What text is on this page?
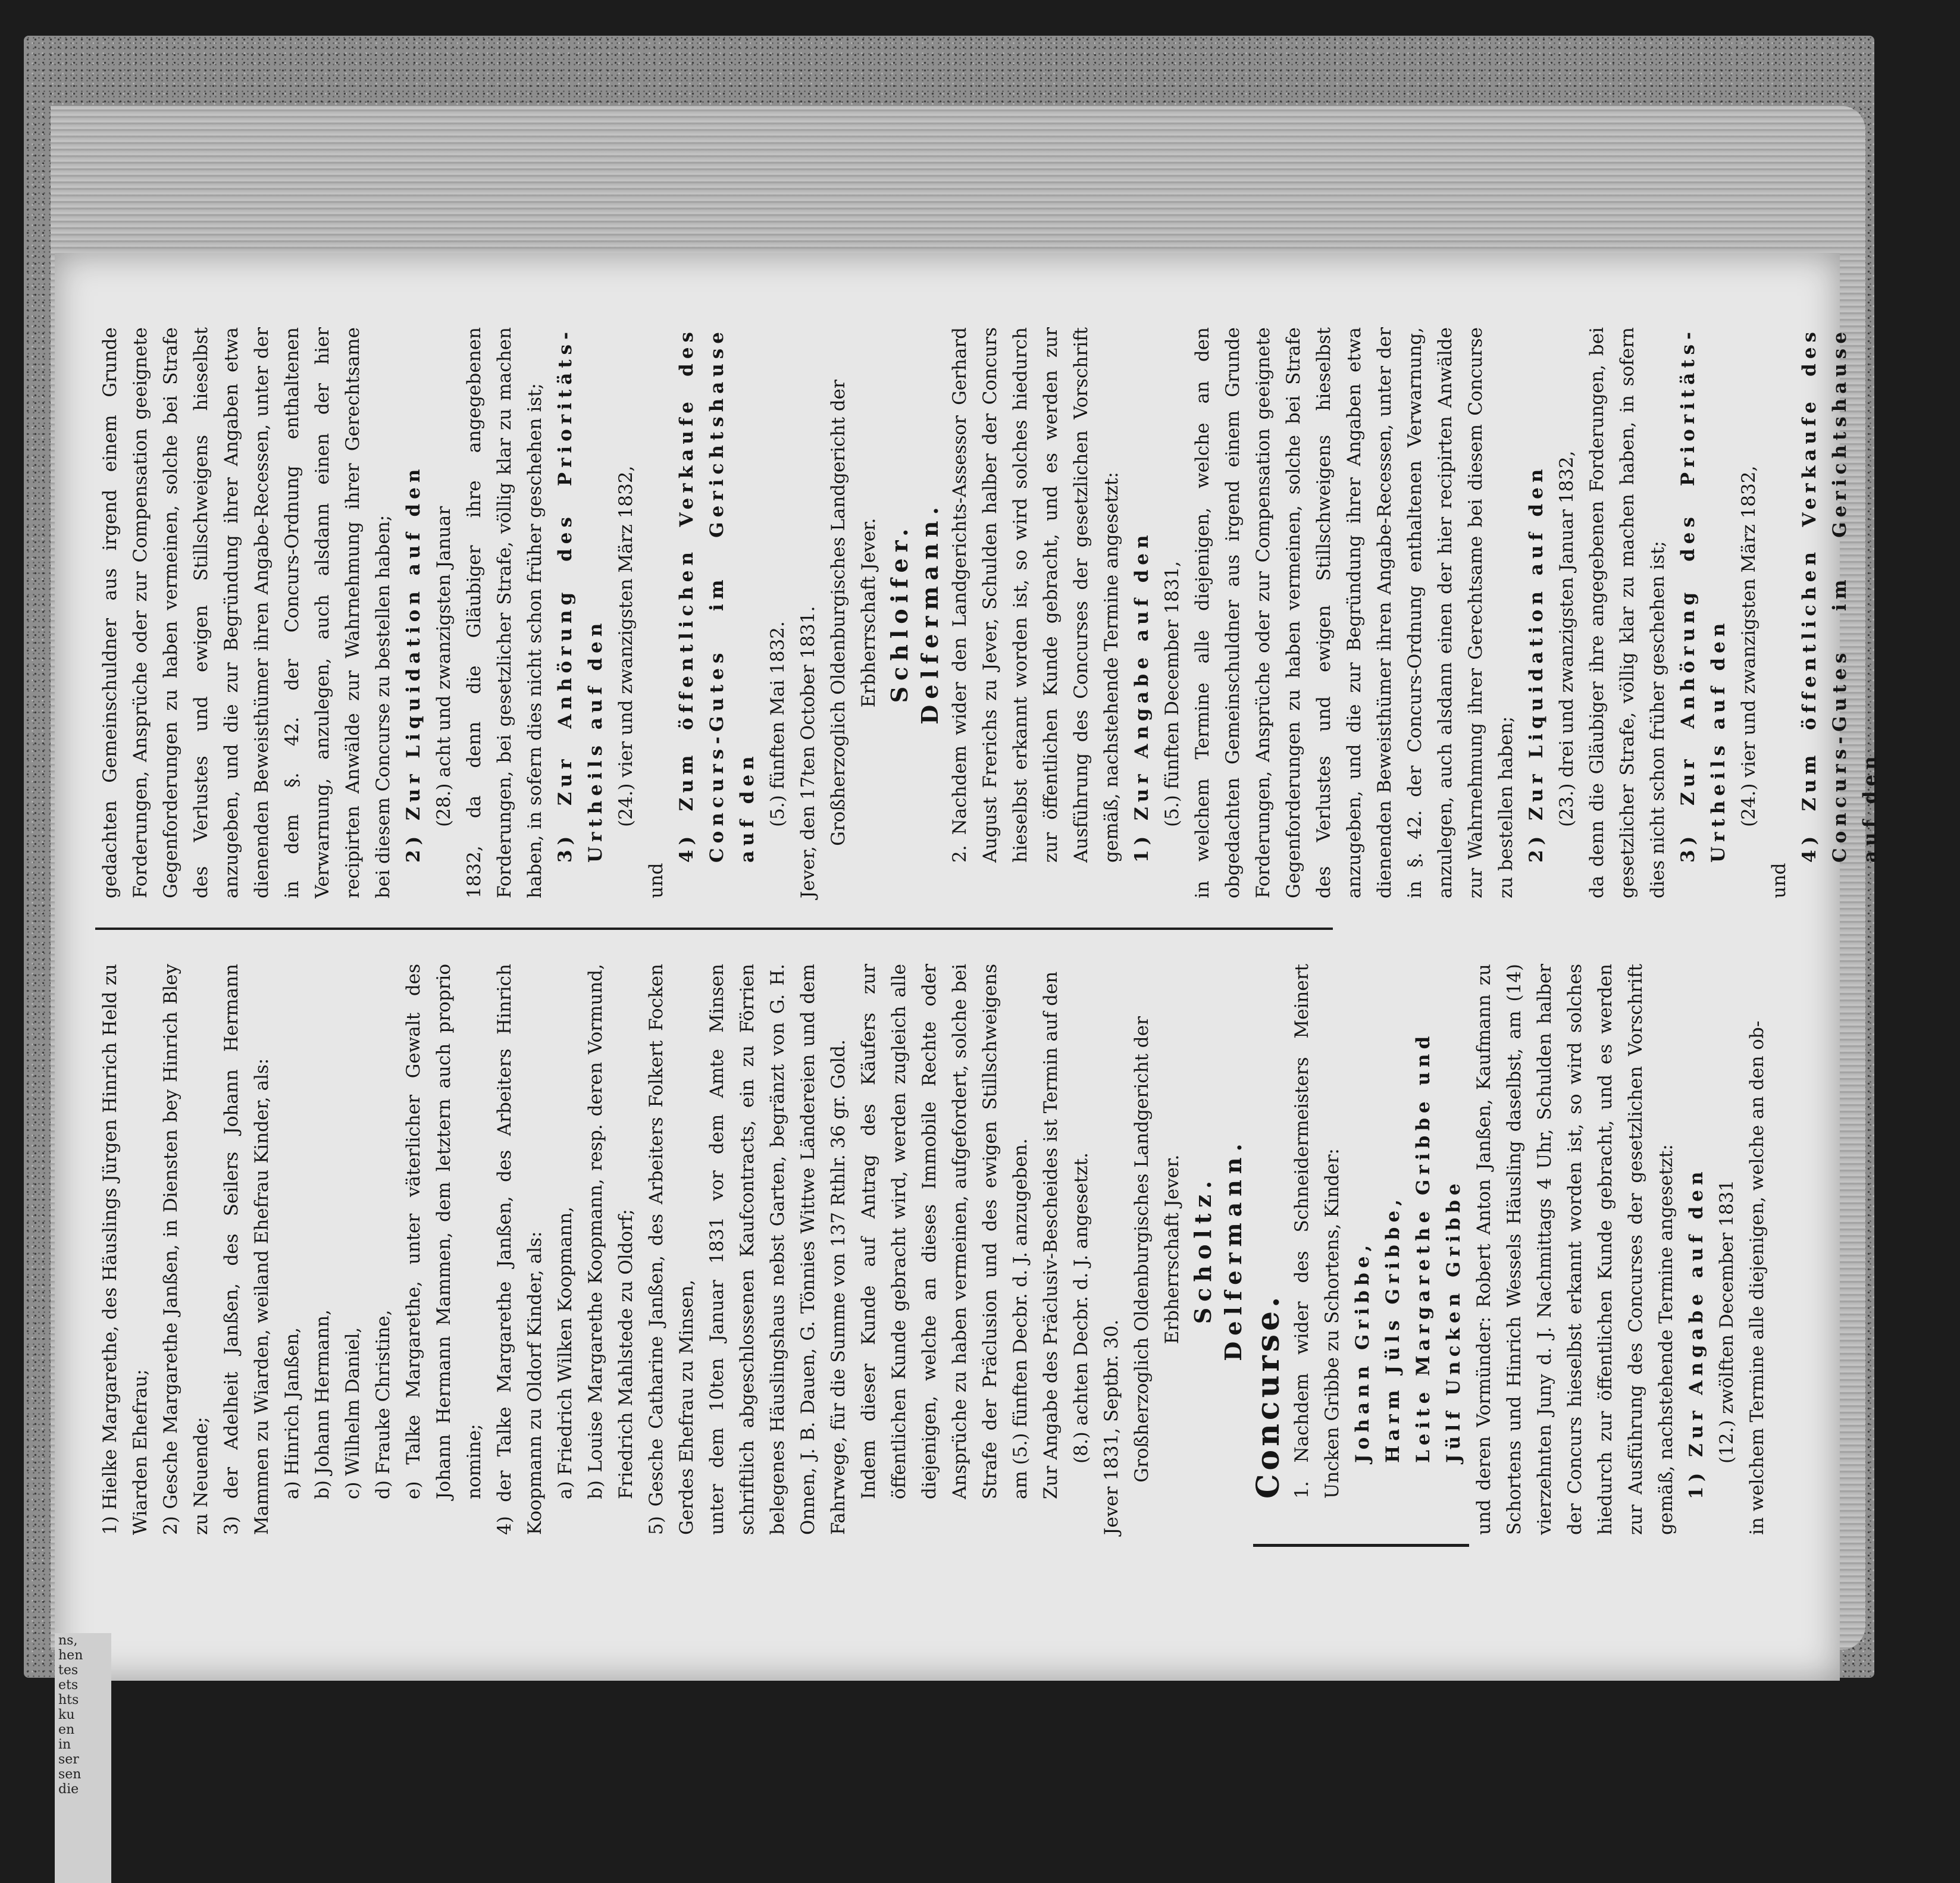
ns,
hen
tes
ets
hts
ku
en
in
ser
sen
die

1) Hielke Margarethe, des Häuslings Jürgen Hinrich Held zu Wiarden Ehefrau; 2) Gesche Margarethe Janßen, in Diensten bey Hinrich Bley zu Neuende; 3) der Adelheit Janßen, des Seilers Johann Hermann Mammen zu Wiarden, weiland Ehefrau Kinder, als: a) Hinrich Janßen,

b) Johann Hermann,

c) Wilhelm Daniel,

d) Frauke Christine,

e) Talke Margarethe, unter väterlicher Gewalt des Johann Hermann Mammen, dem letztern auch proprio nomine;

4) der Talke Margarethe Janßen, des Arbeiters Hinrich Koopmann zu Oldorf Kinder, als: a) Friedrich Wilken Koopmann,

b) Louise Margarethe Koopmann, resp. deren Vormund, Friedrich Mahlstede zu Oldorf;

5) Gesche Catharine Janßen, des Arbeiters Folkert Focken Gerdes Ehefrau zu Minsen, unter dem 10ten Januar 1831 vor dem Amte Minsen schriftlich abgeschlossenen Kaufcontracts, ein zu Förrien belegenes Häuslingshaus nebst Garten, begränzt von G. H. Onnen, J. B. Dauen, G. Tönnies Wittwe Ländereien und dem Fahrwege, für die Summe von 137 Rthlr. 36 gr. Gold. Indem dieser Kunde auf Antrag des Käufers zur öffentlichen Kunde gebracht wird, werden zugleich alle diejenigen, welche an dieses Immobile Rechte oder Ansprüche zu haben vermeinen, aufgefordert, solche bei Strafe der Präclusion und des ewigen Stillschweigens am (5.) fünften Decbr. d. J. anzugeben. Zur Angabe des Präclusiv-Bescheides ist Termin auf den (8.) achten Decbr. d. J. angesetzt. Jever 1831, Septbr. 30. Großherzoglich Oldenburgisches Landgericht der Erbherrschaft Jever. Scholtz. Delfermann.

Concurse. 1. Nachdem wider des Schneidermeisters Meinert Uncken Gribbe zu Schortens, Kinder: Johann Gribbe, Harm Jüls Gribbe, Leite Margarethe Gribbe und Jülf Uncken Gribbe und deren Vormünder: Robert Anton Janßen, Kaufmann zu Schortens und Hinrich Wessels Häusling daselbst, am (14) vierzehnten Juny d. J. Nachmittags 4 Uhr, Schulden halber der Concurs hieselbst erkannt worden ist, so wird solches hiedurch zur öffentlichen Kunde gebracht, und es werden zur Ausführung des Concurses der gesetzlichen Vorschrift gemäß, nachstehende Termine angesetzt: 1) Zur Angabe auf den (12.) zwölften December 1831 in welchem Termine alle diejenigen, welche an den ob-

gedachten Gemeinschuldner aus irgend einem Grunde Forderungen, Ansprüche oder zur Compensation geeignete Gegenforderungen zu haben vermeinen, solche bei Strafe des Verlustes und ewigen Stillschweigens hieselbst anzugeben, und die zur Begründung ihrer Angaben etwa dienenden Beweisthümer ihren Angabe-Recessen, unter der in dem §. 42. der Concurs-Ordnung enthaltenen Verwarnung, anzulegen, auch alsdann einen der hier recipirten Anwälde zur Wahrnehmung ihrer Gerechtsame bei diesem Concurse zu bestellen haben; 2) Zur Liquidation auf den (28.) acht und zwanzigsten Januar 1832, da denn die Gläubiger ihre angegebenen Forderungen, bei gesetzlicher Strafe, völlig klar zu machen haben, in sofern dies nicht schon früher geschehen ist; 3) Zur Anhörung des Prioritäts-Urtheils auf den (24.) vier und zwanzigsten März 1832,

und

4) Zum öffentlichen Verkaufe des Concurs-Gutes im Gerichtshause auf den (5.) fünften Mai 1832. Jever, den 17ten October 1831. Großherzoglich Oldenburgisches Landgericht der Erbherrschaft Jever. Schloifer. Delfermann. 2. Nachdem wider den Landgerichts-Assessor Gerhard August Frerichs zu Jever, Schulden halber der Concurs hieselbst erkannt worden ist, so wird solches hiedurch zur öffentlichen Kunde gebracht, und es werden zur Ausführung des Concurses der gesetzlichen Vorschrift gemäß, nachstehende Termine angesetzt: 1) Zur Angabe auf den (5.) fünften December 1831, in welchem Termine alle diejenigen, welche an den obgedachten Gemeinschuldner aus irgend einem Grunde Forderungen, Ansprüche oder zur Compensation geeignete Gegenforderungen zu haben vermeinen, solche bei Strafe des Verlustes und ewigen Stillschweigens hieselbst anzugeben, und die zur Begründung ihrer Angaben etwa dienenden Beweisthümer ihren Angabe-Recessen, unter der in §. 42. der Concurs-Ordnung enthaltenen Verwarnung, anzulegen, auch alsdann einen der hier recipirten Anwälde zur Wahrnehmung ihrer Gerechtsame bei diesem Concurse zu bestellen haben; 2) Zur Liquidation auf den (23.) drei und zwanzigsten Januar 1832, da denn die Gläubiger ihre angegebenen Forderungen, bei gesetzlicher Strafe, völlig klar zu machen haben, in sofern dies nicht schon früher geschehen ist; 3) Zur Anhörung des Prioritäts-Urtheils auf den (24.) vier und zwanzigsten März 1832,

und

4) Zum öffentlichen Verkaufe des Concurs-Gutes im Gerichtshause auf den
